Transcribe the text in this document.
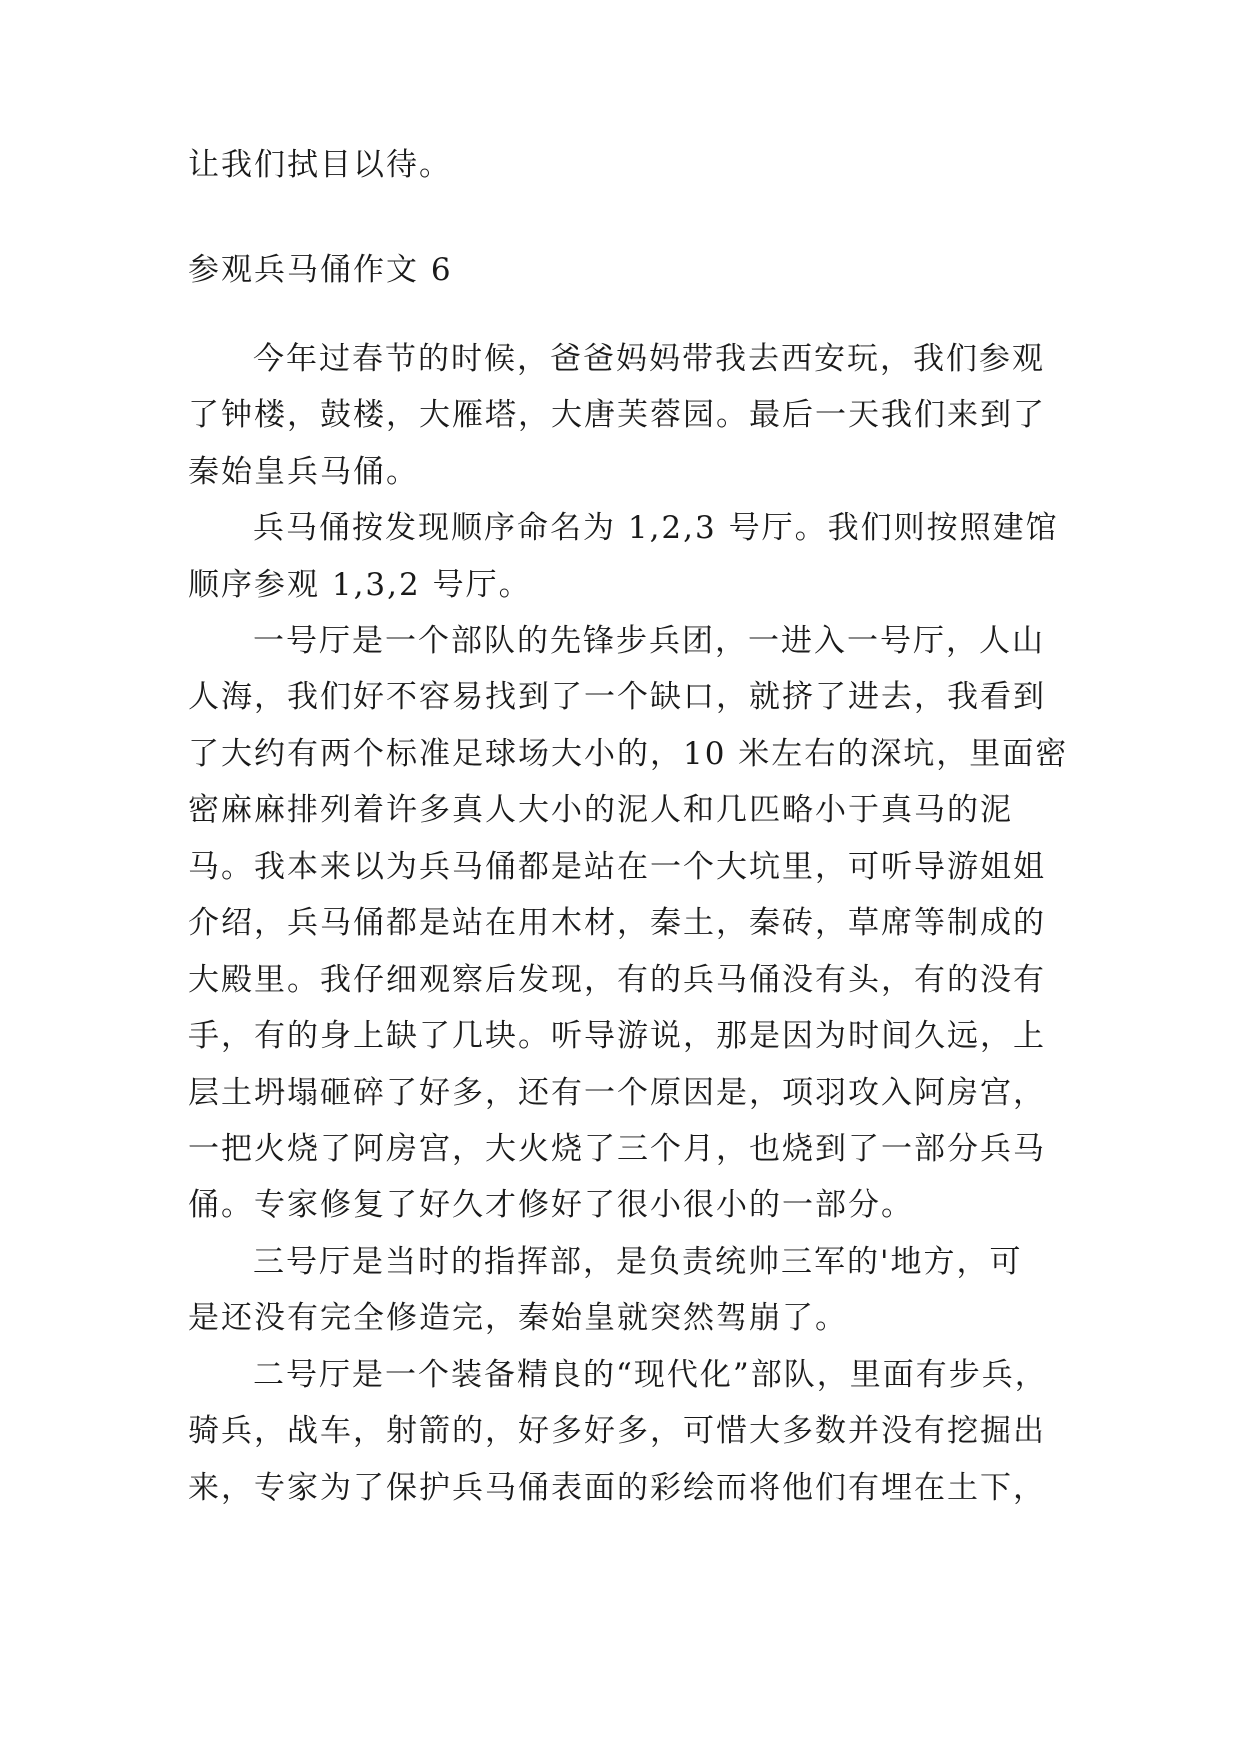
让我们拭目以待。
参观兵马俑作文 6
今年过春节的时候，爸爸妈妈带我去西安玩，我们参观
了钟楼，鼓楼，大雁塔，大唐芙蓉园。最后一天我们来到了
秦始皇兵马俑。
兵马俑按发现顺序命名为 1,2,3 号厅。我们则按照建馆
顺序参观 1,3,2 号厅。
一号厅是一个部队的先锋步兵团，一进入一号厅，人山
人海，我们好不容易找到了一个缺口，就挤了进去，我看到
了大约有两个标准足球场大小的，10 米左右的深坑，里面密
密麻麻排列着许多真人大小的泥人和几匹略小于真马的泥
马。我本来以为兵马俑都是站在一个大坑里，可听导游姐姐
介绍，兵马俑都是站在用木材，秦土，秦砖，草席等制成的
大殿里。我仔细观察后发现，有的兵马俑没有头，有的没有
手，有的身上缺了几块。听导游说，那是因为时间久远，上
层土坍塌砸碎了好多，还有一个原因是，项羽攻入阿房宫，
一把火烧了阿房宫，大火烧了三个月，也烧到了一部分兵马
俑。专家修复了好久才修好了很小很小的一部分。
三号厅是当时的指挥部，是负责统帅三军的'地方，可
是还没有完全修造完，秦始皇就突然驾崩了。
二号厅是一个装备精良的“现代化”部队，里面有步兵，
骑兵，战车，射箭的，好多好多，可惜大多数并没有挖掘出
来，专家为了保护兵马俑表面的彩绘而将他们有埋在土下，
